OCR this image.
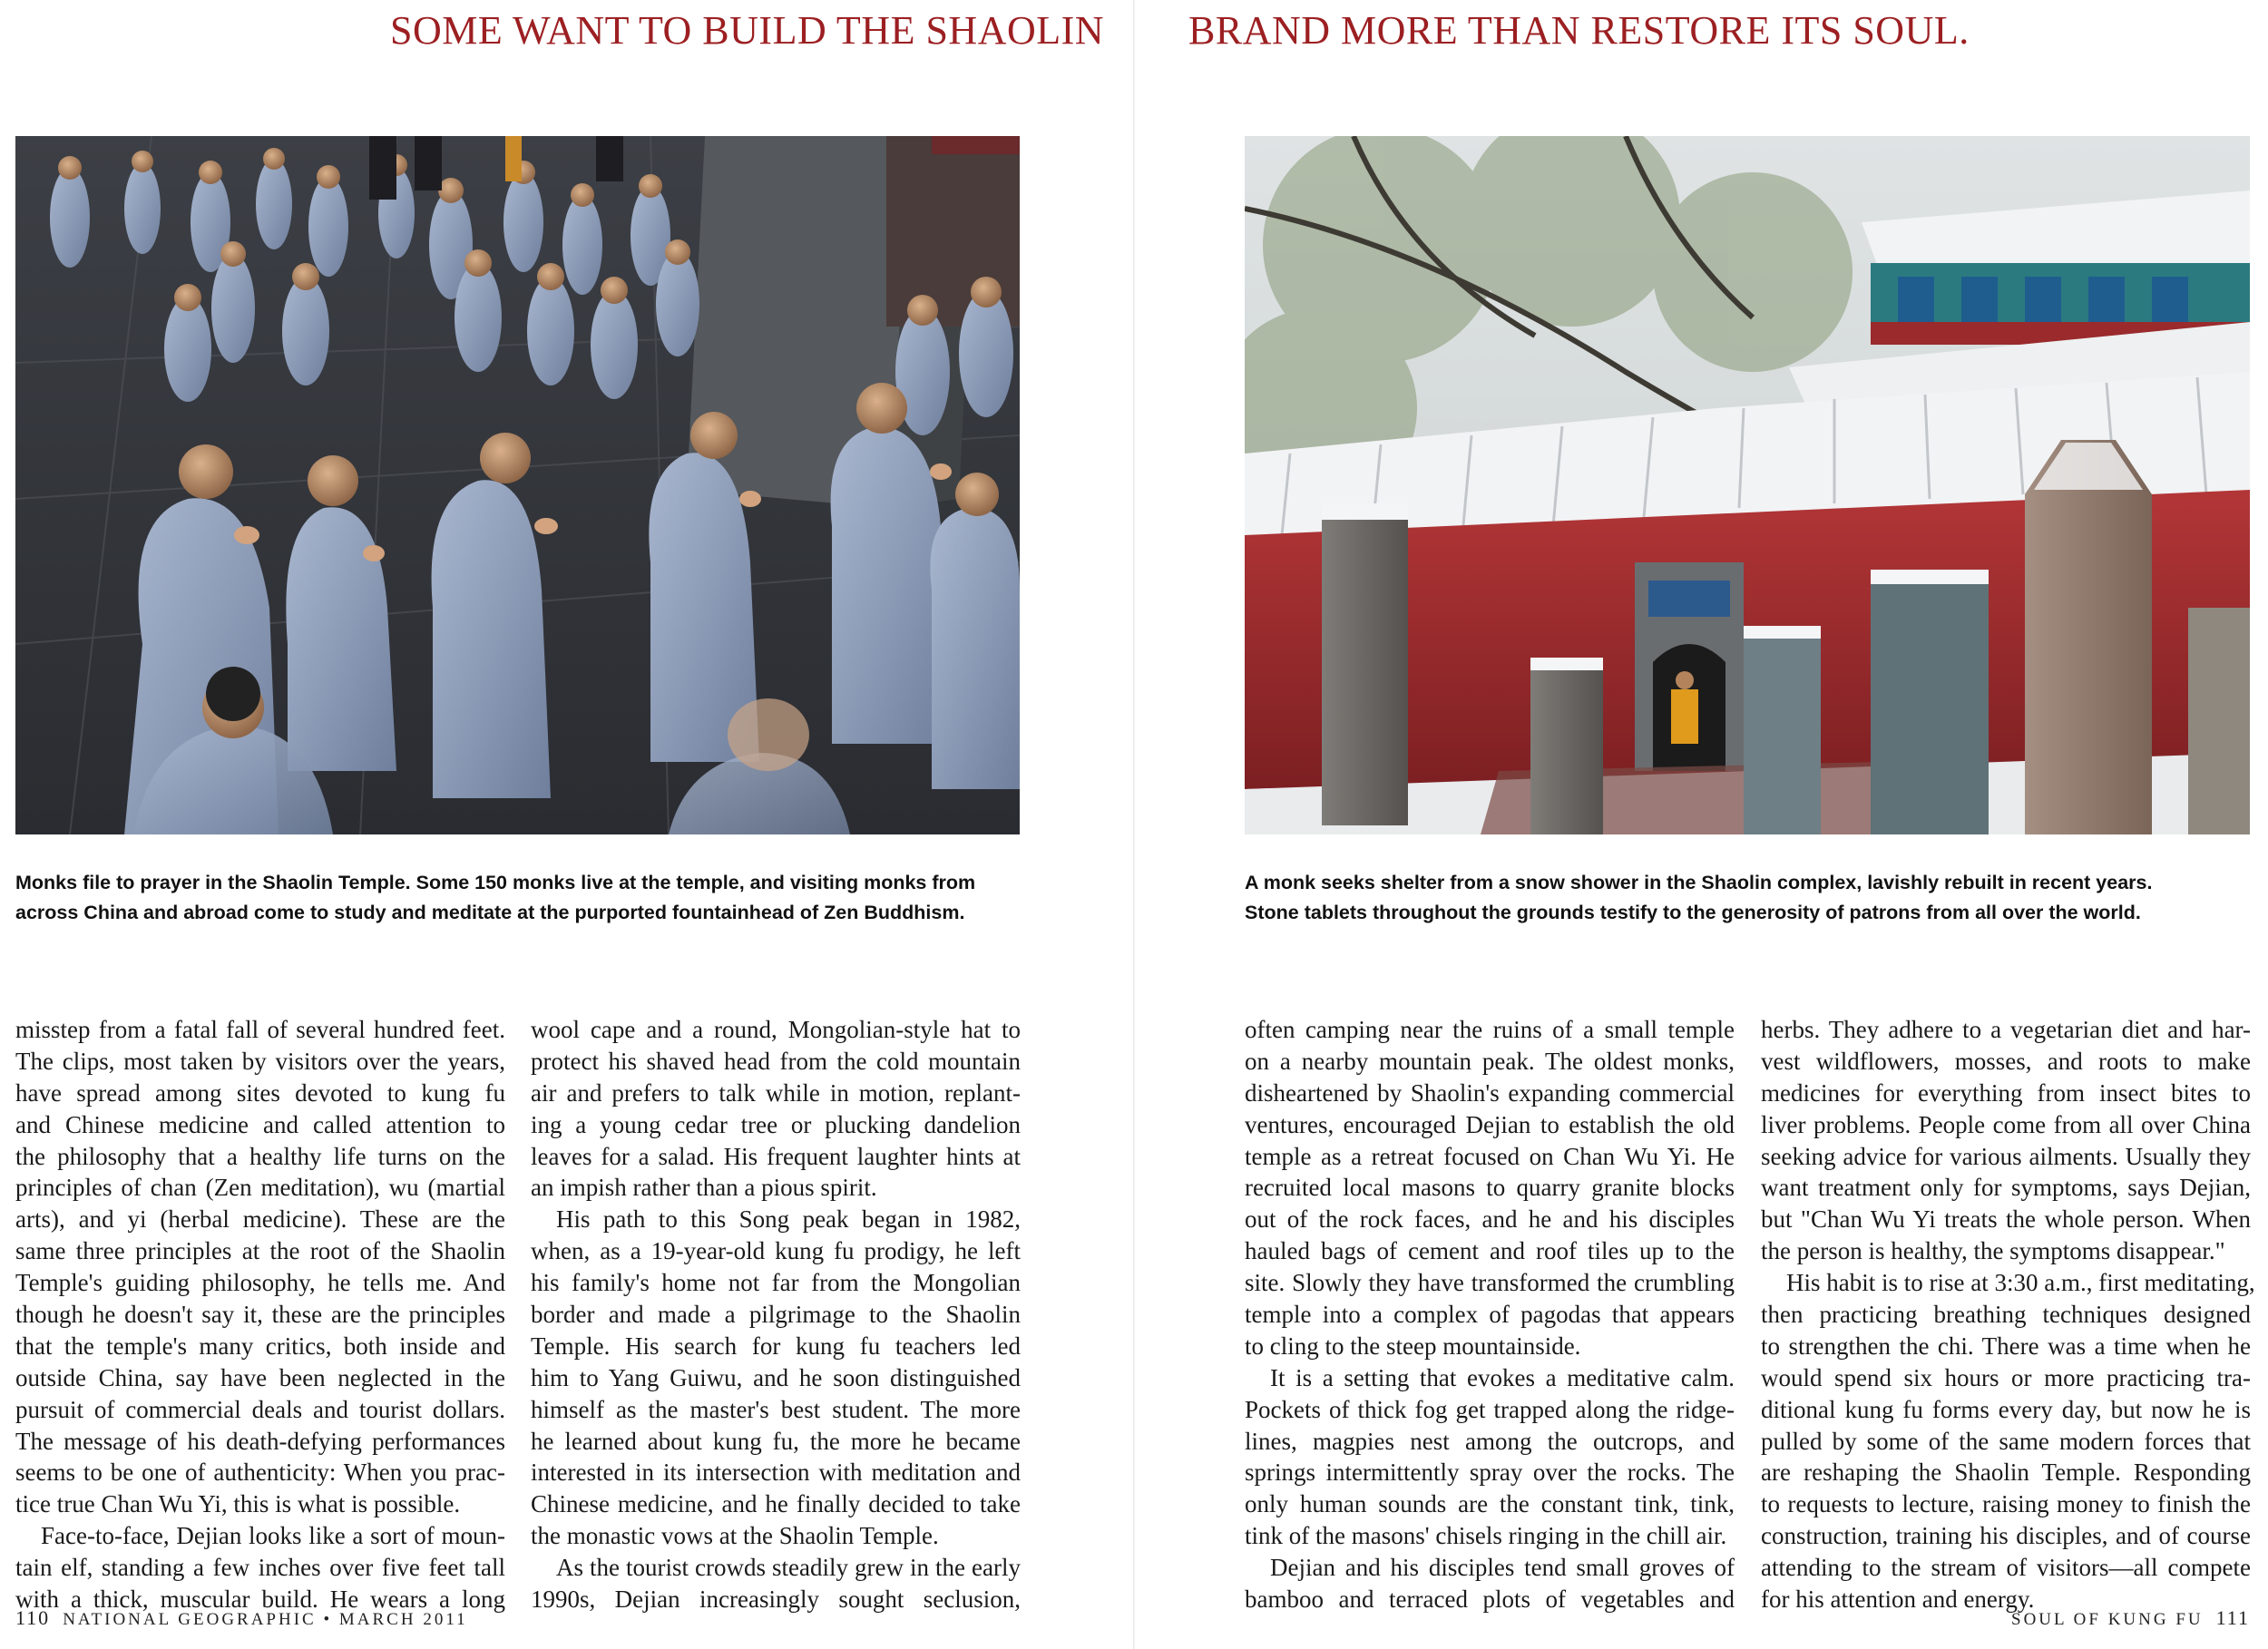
SOME WANT TO BUILD THE SHAOLIN

Monks file to prayer in the Shaolin Temple. Some 150 monks live at the temple, and visiting monks from
across China and abroad come to study and meditate at the purported fountainhead of Zen Buddhism.

misstep from a fatal fall of several hundred feet.
The clips, most taken by visitors over the years,
have spread among sites devoted to kung fu
and Chinese medicine and called attention to
the philosophy that a healthy life turns on the
principles of chan (Zen meditation), wu (martial
arts), and yi (herbal medicine). These are the
same three principles at the root of the Shaolin
Temple's guiding philosophy, he tells me. And
though he doesn't say it, these are the principles
that the temple's many critics, both inside and
outside China, say have been neglected in the
pursuit of commercial deals and tourist dollars.
The message of his death-defying performances
seems to be one of authenticity: When you prac-
tice true Chan Wu Yi, this is what is possible.
Face-to-face, Dejian looks like a sort of moun-
tain elf, standing a few inches over five feet tall
with a thick, muscular build. He wears a long
wool cape and a round, Mongolian-style hat to
protect his shaved head from the cold mountain
air and prefers to talk while in motion, replant-
ing a young cedar tree or plucking dandelion
leaves for a salad. His frequent laughter hints at
an impish rather than a pious spirit.
His path to this Song peak began in 1982,
when, as a 19-year-old kung fu prodigy, he left
his family's home not far from the Mongolian
border and made a pilgrimage to the Shaolin
Temple. His search for kung fu teachers led
him to Yang Guiwu, and he soon distinguished
himself as the master's best student. The more
he learned about kung fu, the more he became
interested in its intersection with meditation and
Chinese medicine, and he finally decided to take
the monastic vows at the Shaolin Temple.
As the tourist crowds steadily grew in the early
1990s, Dejian increasingly sought seclusion,

110 NATIONAL GEOGRAPHIC • MARCH 2011

BRAND MORE THAN RESTORE ITS SOUL.

A monk seeks shelter from a snow shower in the Shaolin complex, lavishly rebuilt in recent years.
Stone tablets throughout the grounds testify to the generosity of patrons from all over the world.

often camping near the ruins of a small temple
on a nearby mountain peak. The oldest monks,
disheartened by Shaolin's expanding commercial
ventures, encouraged Dejian to establish the old
temple as a retreat focused on Chan Wu Yi. He
recruited local masons to quarry granite blocks
out of the rock faces, and he and his disciples
hauled bags of cement and roof tiles up to the
site. Slowly they have transformed the crumbling
temple into a complex of pagodas that appears
to cling to the steep mountainside.
It is a setting that evokes a meditative calm.
Pockets of thick fog get trapped along the ridge-
lines, magpies nest among the outcrops, and
springs intermittently spray over the rocks. The
only human sounds are the constant tink, tink,
tink of the masons' chisels ringing in the chill air.
Dejian and his disciples tend small groves of
bamboo and terraced plots of vegetables and
herbs. They adhere to a vegetarian diet and har-
vest wildflowers, mosses, and roots to make
medicines for everything from insect bites to
liver problems. People come from all over China
seeking advice for various ailments. Usually they
want treatment only for symptoms, says Dejian,
but "Chan Wu Yi treats the whole person. When
the person is healthy, the symptoms disappear."
His habit is to rise at 3:30 a.m., first meditating,
then practicing breathing techniques designed
to strengthen the chi. There was a time when he
would spend six hours or more practicing tra-
ditional kung fu forms every day, but now he is
pulled by some of the same modern forces that
are reshaping the Shaolin Temple. Responding
to requests to lecture, raising money to finish the
construction, training his disciples, and of course
attending to the stream of visitors—all compete
for his attention and energy.

SOUL OF KUNG FU 111
